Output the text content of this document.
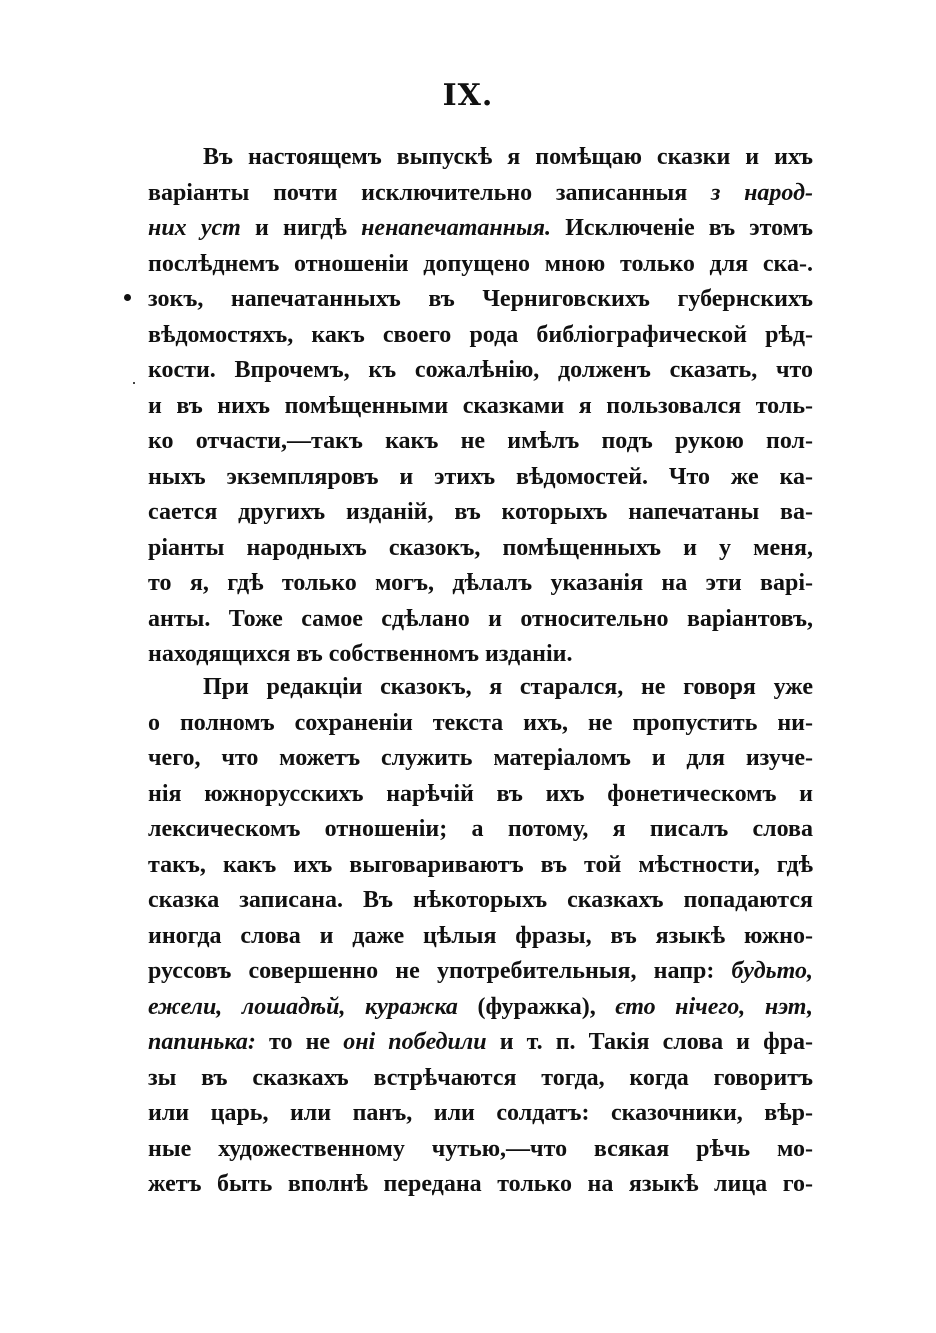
IX.
Въ настоящемъ выпускѣ я помѣщаю сказки и ихъ
варіанты почти исключительно записанныя з народ-
них уст и нигдѣ ненапечатанныя. Исключеніе въ этомъ
послѣднемъ отношеніи допущено мною только для ска-.
зокъ, напечатанныхъ въ Черниговскихъ губернскихъ
вѣдомостяхъ, какъ своего рода библіографической рѣд-
кости. Впрочемъ, къ сожалѣнію, долженъ сказать, что
и въ нихъ помѣщенными сказками я пользовался толь-
ко отчасти,—такъ какъ не имѣлъ подъ рукою пол-
ныхъ экземпляровъ и этихъ вѣдомостей. Что же ка-
сается другихъ изданій, въ которыхъ напечатаны ва-
ріанты народныхъ сказокъ, помѣщенныхъ и у меня,
то я, гдѣ только могъ, дѣлалъ указанія на эти варі-
анты. Тоже самое сдѣлано и относительно варіантовъ,
находящихся въ собственномъ изданіи.
При редакціи сказокъ, я старался, не говоря уже
о полномъ сохраненіи текста ихъ, не пропустить ни-
чего, что можетъ служить матеріаломъ и для изуче-
нія южнорусскихъ нарѣчій въ ихъ фонетическомъ и
лексическомъ отношеніи; а потому, я писалъ слова
такъ, какъ ихъ выговариваютъ въ той мѣстности, гдѣ
сказка записана. Въ нѣкоторыхъ сказкахъ попадаются
иногда слова и даже цѣлыя фразы, въ языкѣ южно-
руссовъ совершенно не употребительныя, напр: будьто,
ежели, лошадѣй, куражка (фуражка), єто нічего, нэт,
папинька: то не оні победили и т. п. Такія слова и фра-
зы въ сказкахъ встрѣчаются тогда, когда говоритъ
или царь, или панъ, или солдатъ: сказочники, вѣр-
ные художественному чутью,—что всякая рѣчь мо-
жетъ быть вполнѣ передана только на языкѣ лица го-
